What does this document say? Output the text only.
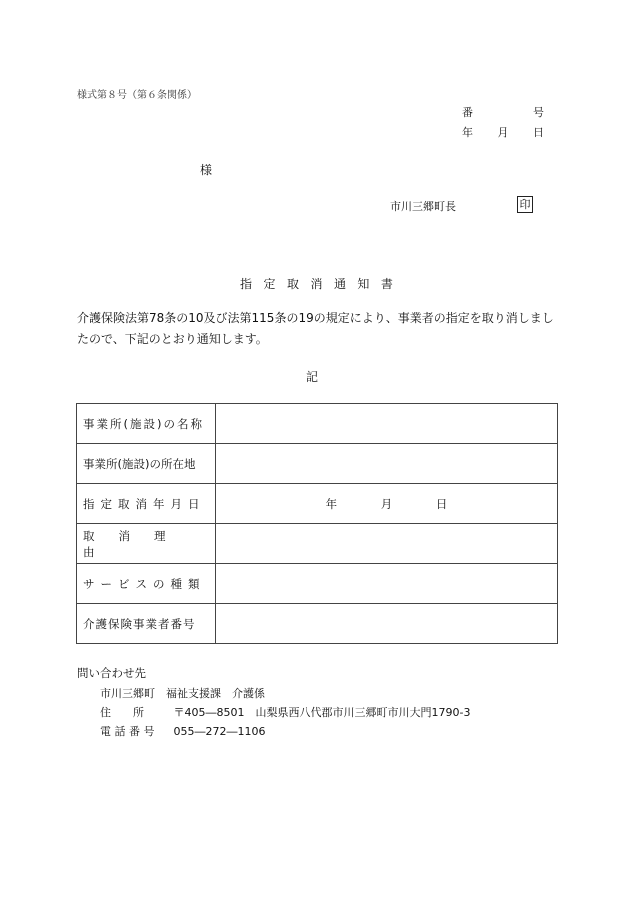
様式第８号（第６条関係）
番	号
年 月 日
様
市川三郷町長	印
指 定 取 消 通 知 書
介護保険法第78条の10及び法第115条の19の規定により、事業者の指定を取り消しましたので、下記のとおり通知します。
記
事業所(施設)の名称	
事業所(施設)の所在地	
指定取消年月日	年 月 日
取消理由	
サービスの種類	
介護保険事業者番号	
問い合わせ先
市川三郷町　福祉支援課　介護係
住　　所	〒405―8501　山梨県西八代郡市川三郷町市川大門1790-3
電 話 番 号 055―272―1106
